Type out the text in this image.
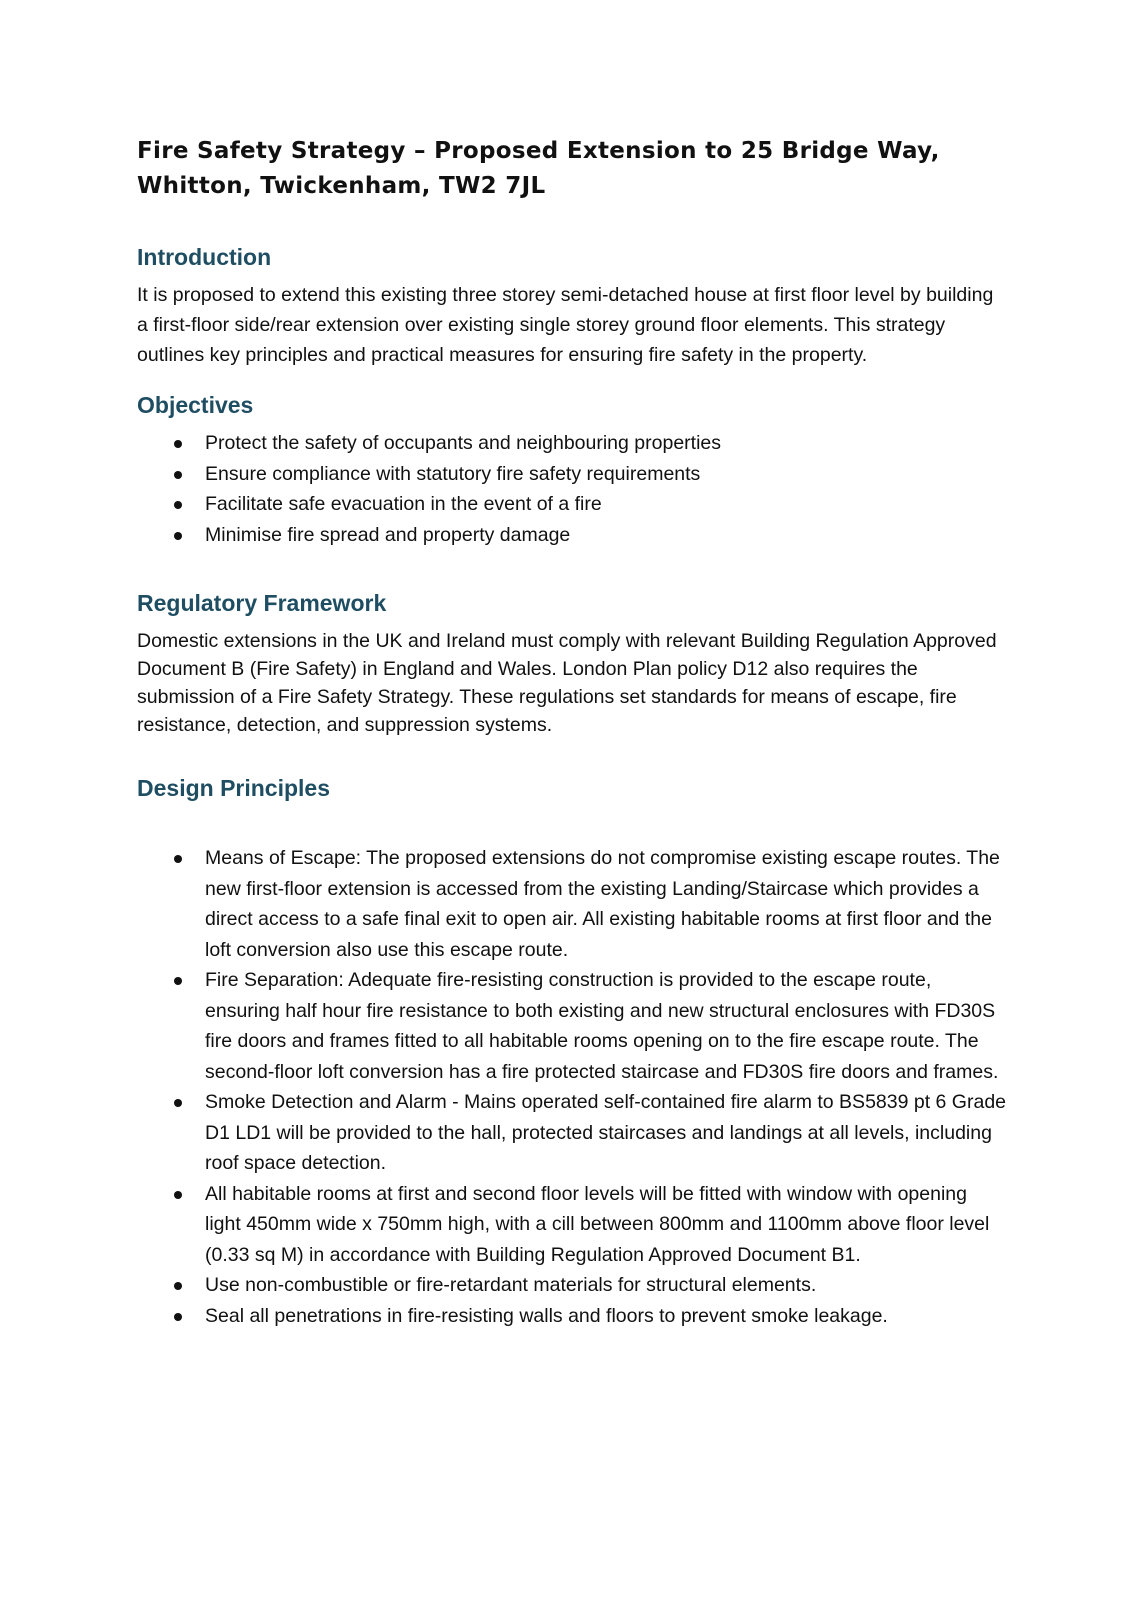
Fire Safety Strategy – Proposed Extension to 25 Bridge Way, Whitton, Twickenham, TW2 7JL
Introduction

It is proposed to extend this existing three storey semi-detached house at first floor level by building a first-floor side/rear extension over existing single storey ground floor elements. This strategy outlines key principles and practical measures for ensuring fire safety in the property.

Objectives
Protect the safety of occupants and neighbouring properties
Ensure compliance with statutory fire safety requirements
Facilitate safe evacuation in the event of a fire
Minimise fire spread and property damage
Regulatory Framework

Domestic extensions in the UK and Ireland must comply with relevant Building Regulation Approved Document B (Fire Safety) in England and Wales. London Plan policy D12 also requires the submission of a Fire Safety Strategy. These regulations set standards for means of escape, fire resistance, detection, and suppression systems.

Design Principles
Means of Escape: The proposed extensions do not compromise existing escape routes. The new first-floor extension is accessed from the existing Landing/Staircase which provides a direct access to a safe final exit to open air. All existing habitable rooms at first floor and the loft conversion also use this escape route.
Fire Separation: Adequate fire-resisting construction is provided to the escape route, ensuring half hour fire resistance to both existing and new structural enclosures with FD30S fire doors and frames fitted to all habitable rooms opening on to the fire escape route. The second-floor loft conversion has a fire protected staircase and FD30S fire doors and frames.
Smoke Detection and Alarm - Mains operated self-contained fire alarm to BS5839 pt 6 Grade D1 LD1 will be provided to the hall, protected staircases and landings at all levels, including roof space detection.
All habitable rooms at first and second floor levels will be fitted with window with opening light 450mm wide x 750mm high, with a cill between 800mm and 1100mm above floor level (0.33 sq M) in accordance with Building Regulation Approved Document B1.
Use non-combustible or fire-retardant materials for structural elements.
Seal all penetrations in fire-resisting walls and floors to prevent smoke leakage.
